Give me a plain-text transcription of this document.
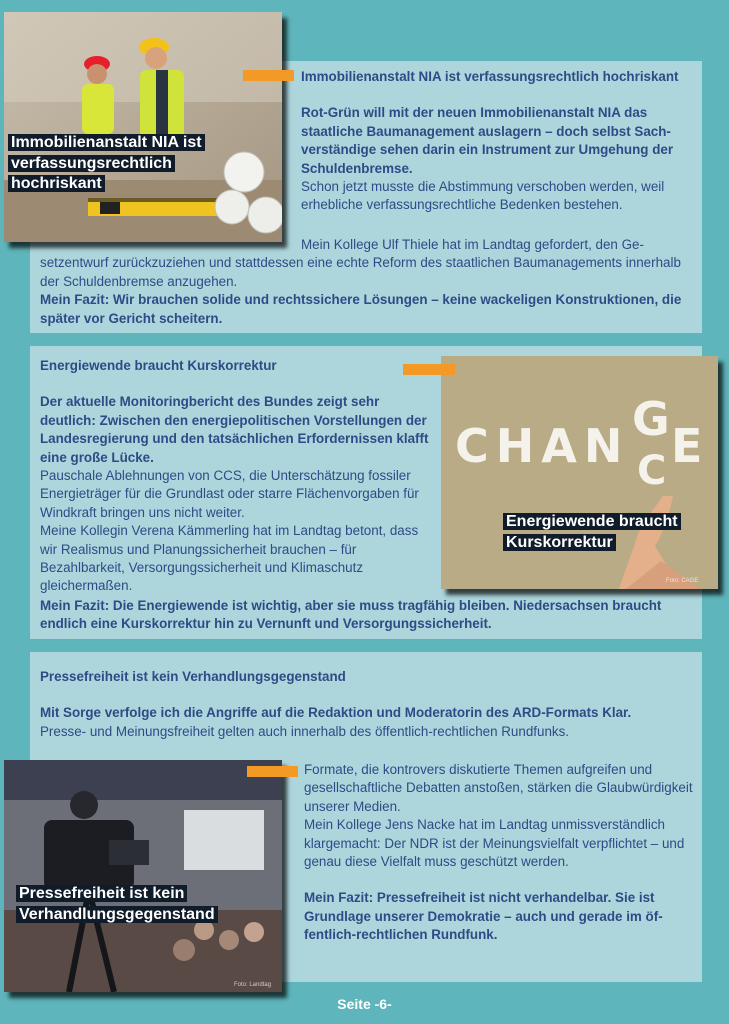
Immobilienanstalt NIA ist verfassungsrechtlich hochriskant

Rot-Grün will mit der neuen Immobilienanstalt NIA das staatliche Baumanagement auslagern – doch selbst Sachverständige sehen darin ein Instrument zur Umgehung der Schuldenbremse.

Schon jetzt musste die Abstimmung verschoben werden, weil erhebliche verfassungsrechtliche Bedenken bestehen.

Mein Kollege Ulf Thiele hat im Landtag gefordert, den Gesetzentwurf zurückzuziehen und stattdessen eine echte Reform des staatlichen Baumanagements innerhalb der Schuldenbremse anzugehen.

Mein Fazit: Wir brauchen solide und rechtssichere Lösungen – keine wackeligen Konstruktionen, die später vor Gericht scheitern.

Immobilienanstalt NIA ist verfassungsrechtlich hochriskant

Energiewende braucht Kurskorrektur

Der aktuelle Monitoringbericht des Bundes zeigt sehr deutlich: Zwischen den energiepolitischen Vorstellungen der Landesregierung und den tatsächlichen Erfordernissen klafft eine große Lücke.

Pauschale Ablehnungen von CCS, die Unterschätzung fossiler Energieträger für die Grundlast oder starre Flächenvorgaben für Windkraft bringen uns nicht weiter.

Meine Kollegin Verena Kämmerling hat im Landtag betont, dass wir Realismus und Planungssicherheit brauchen – für Bezahlbarkeit, Versorgungssicherheit und Klimaschutz gleichermaßen.

Mein Fazit: Die Energiewende ist wichtig, aber sie muss tragfähig bleiben. Niedersachsen braucht endlich eine Kurskorrektur hin zu Vernunft und Versorgungssicherheit.

CHAN G
C E
Energiewende braucht Kurskorrektur
Foto: CAGE

Pressefreiheit ist kein Verhandlungsgegenstand

Mit Sorge verfolge ich die Angriffe auf die Redaktion und Moderatorin des ARD-Formats Klar.

Presse- und Meinungsfreiheit gelten auch innerhalb des öffentlich-rechtlichen Rundfunks.

Formate, die kontrovers diskutierte Themen aufgreifen und gesellschaftliche Debatten anstoßen, stärken die Glaubwürdigkeit unserer Medien.

Mein Kollege Jens Nacke hat im Landtag unmissverständlich klargemacht: Der NDR ist der Meinungsvielfalt verpflichtet – und genau diese Vielfalt muss geschützt werden.

Mein Fazit: Pressefreiheit ist nicht verhandelbar. Sie ist Grundlage unserer Demokratie – auch und gerade im öffentlich-rechtlichen Rundfunk.

Pressefreiheit ist kein Verhandlungsgegenstand
Foto: Landtag
Seite -6-
